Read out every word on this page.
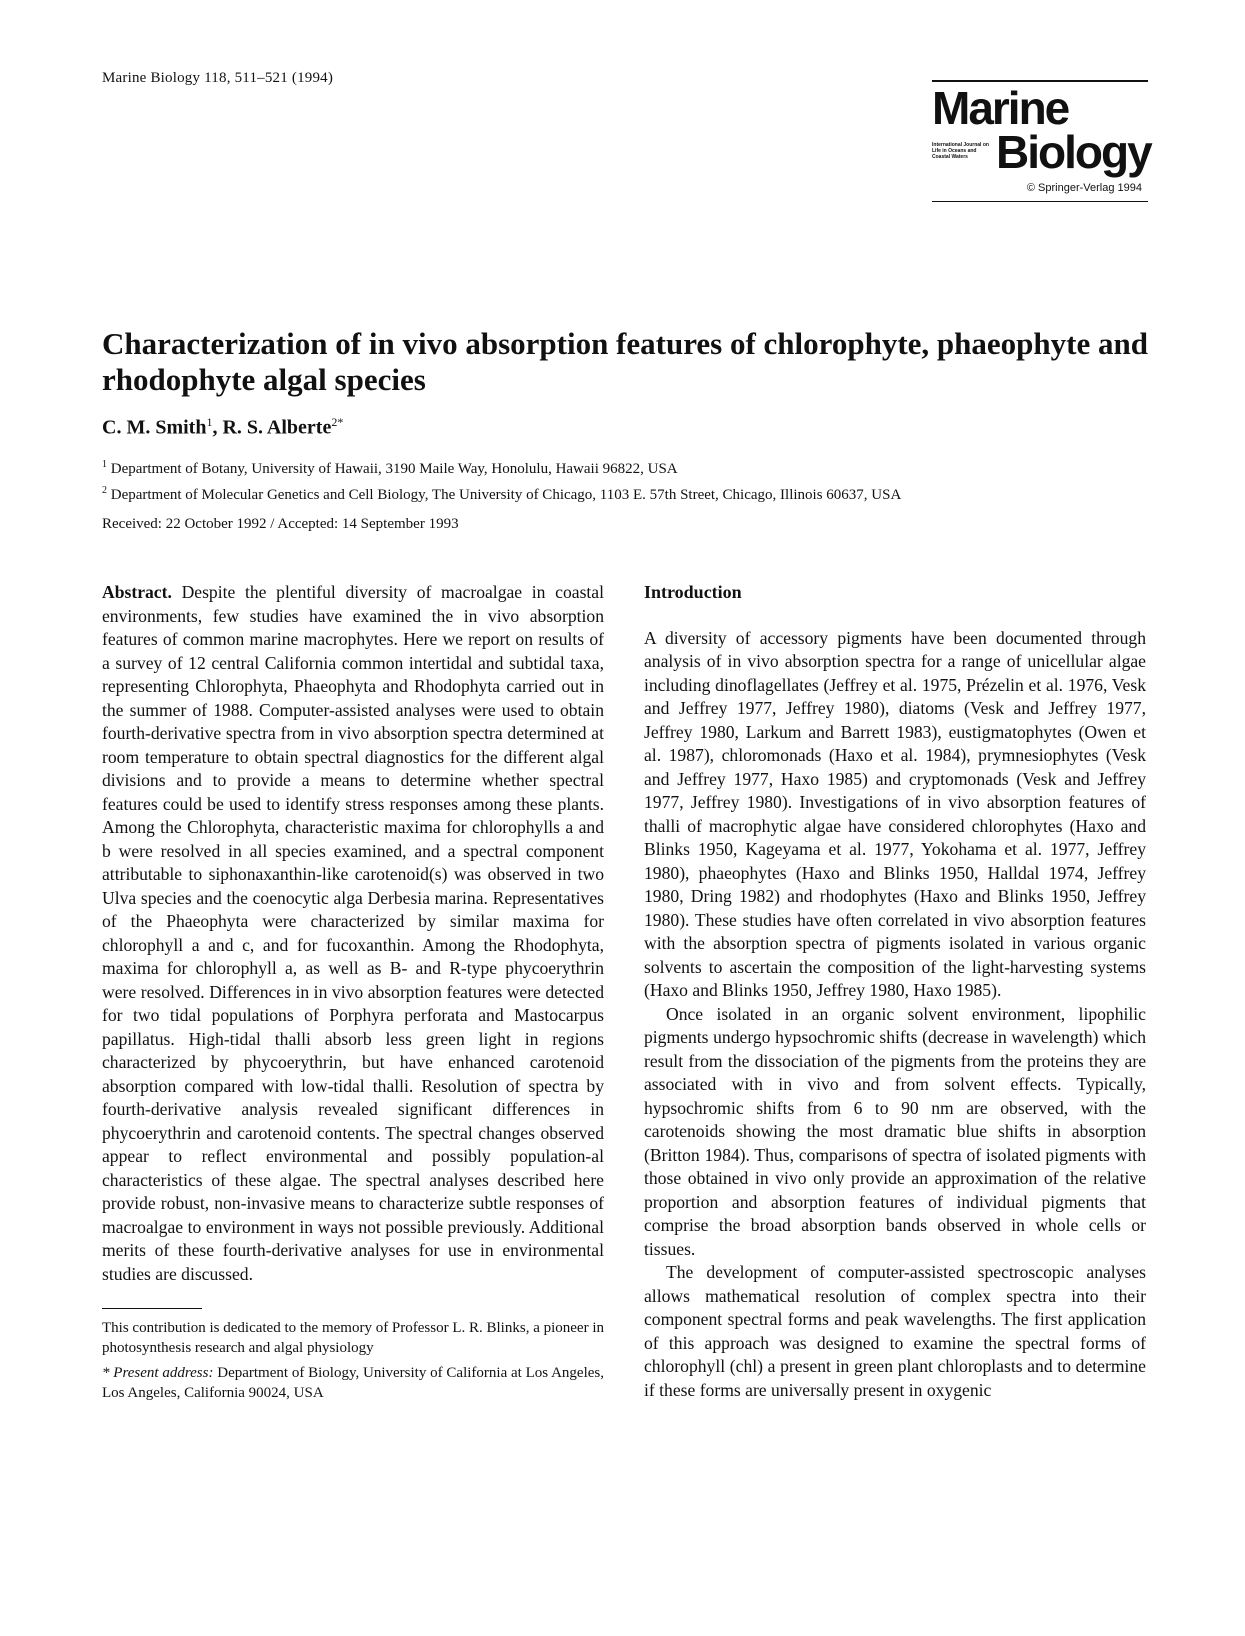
Marine Biology 118, 511–521 (1994)
Marine
International Journal on Life in Oceans and Coastal Waters Biology
© Springer-Verlag 1994
Characterization of in vivo absorption features of chlorophyte, phaeophyte and rhodophyte algal species
C. M. Smith$^1$, R. S. Alberte$^{2*}$
$^1$ Department of Botany, University of Hawaii, 3190 Maile Way, Honolulu, Hawaii 96822, USA
$^2$ Department of Molecular Genetics and Cell Biology, The University of Chicago, 1103 E. 57th Street, Chicago, Illinois 60637, USA
Received: 22 October 1992 / Accepted: 14 September 1993

Abstract. Despite the plentiful diversity of macroalgae in coastal environments, few studies have examined the in vivo absorption features of common marine macrophytes. Here we report on results of a survey of 12 central California common intertidal and subtidal taxa, representing Chlorophyta, Phaeophyta and Rhodophyta carried out in the summer of 1988. Computer-assisted analyses were used to obtain fourth-derivative spectra from in vivo absorption spectra determined at room temperature to obtain spectral diagnostics for the different algal divisions and to provide a means to determine whether spectral features could be used to identify stress responses among these plants. Among the Chlorophyta, characteristic maxima for chlorophylls a and b were resolved in all species examined, and a spectral component attributable to siphonaxanthin-like carotenoid(s) was observed in two Ulva species and the coenocytic alga Derbesia marina. Representatives of the Phaeophyta were characterized by similar maxima for chlorophyll a and c, and for fucoxanthin. Among the Rhodophyta, maxima for chlorophyll a, as well as B- and R-type phycoerythrin were resolved. Differences in in vivo absorption features were detected for two tidal populations of Porphyra perforata and Mastocarpus papillatus. High-tidal thalli absorb less green light in regions characterized by phycoerythrin, but have enhanced carotenoid absorption compared with low-tidal thalli. Resolution of spectra by fourth-derivative analysis revealed significant differences in phycoerythrin and carotenoid contents. The spectral changes observed appear to reflect environmental and possibly population-al characteristics of these algae. The spectral analyses described here provide robust, non-invasive means to characterize subtle responses of macroalgae to environment in ways not possible previously. Additional merits of these fourth-derivative analyses for use in environmental studies are discussed.

This contribution is dedicated to the memory of Professor L. R. Blinks, a pioneer in photosynthesis research and algal physiology

* Present address: Department of Biology, University of California at Los Angeles, Los Angeles, California 90024, USA

Introduction

A diversity of accessory pigments have been documented through analysis of in vivo absorption spectra for a range of unicellular algae including dinoflagellates (Jeffrey et al. 1975, Prézelin et al. 1976, Vesk and Jeffrey 1977, Jeffrey 1980), diatoms (Vesk and Jeffrey 1977, Jeffrey 1980, Larkum and Barrett 1983), eustigmatophytes (Owen et al. 1987), chloromonads (Haxo et al. 1984), prymnesiophytes (Vesk and Jeffrey 1977, Haxo 1985) and cryptomonads (Vesk and Jeffrey 1977, Jeffrey 1980). Investigations of in vivo absorption features of thalli of macrophytic algae have considered chlorophytes (Haxo and Blinks 1950, Kageyama et al. 1977, Yokohama et al. 1977, Jeffrey 1980), phaeophytes (Haxo and Blinks 1950, Halldal 1974, Jeffrey 1980, Dring 1982) and rhodophytes (Haxo and Blinks 1950, Jeffrey 1980). These studies have often correlated in vivo absorption features with the absorption spectra of pigments isolated in various organic solvents to ascertain the composition of the light-harvesting systems (Haxo and Blinks 1950, Jeffrey 1980, Haxo 1985).

Once isolated in an organic solvent environment, lipophilic pigments undergo hypsochromic shifts (decrease in wavelength) which result from the dissociation of the pigments from the proteins they are associated with in vivo and from solvent effects. Typically, hypsochromic shifts from 6 to 90 nm are observed, with the carotenoids showing the most dramatic blue shifts in absorption (Britton 1984). Thus, comparisons of spectra of isolated pigments with those obtained in vivo only provide an approximation of the relative proportion and absorption features of individual pigments that comprise the broad absorption bands observed in whole cells or tissues.

The development of computer-assisted spectroscopic analyses allows mathematical resolution of complex spectra into their component spectral forms and peak wavelengths. The first application of this approach was designed to examine the spectral forms of chlorophyll (chl) a present in green plant chloroplasts and to determine if these forms are universally present in oxygenic
